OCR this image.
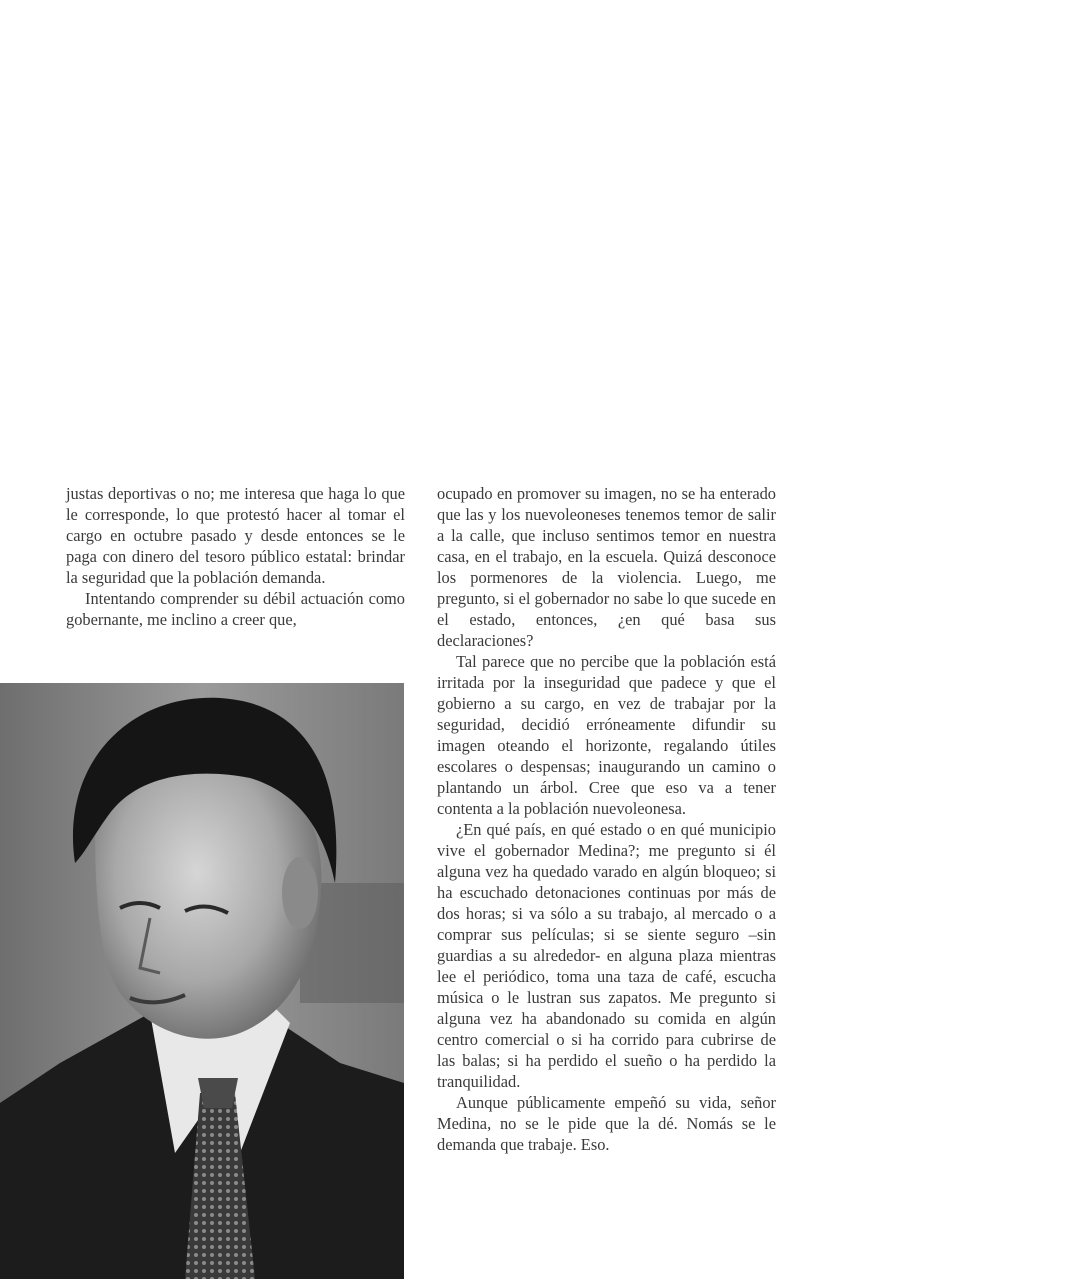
justas deportivas o no; me interesa que haga lo que le corresponde, lo que protestó hacer al tomar el cargo en octubre pasado y desde entonces se le paga con dinero del tesoro público estatal: brindar la seguridad que la población demanda.

Intentando comprender su débil actuación como gobernante, me inclino a creer que,

ocupado en promover su imagen, no se ha enterado que las y los nuevoleoneses tenemos temor de salir a la calle, que incluso sentimos temor en nuestra casa, en el trabajo, en la escuela. Quizá desconoce los pormenores de la violencia. Luego, me pregunto, si el gobernador no sabe lo que sucede en el estado, entonces, ¿en qué basa sus declaraciones?

Tal parece que no percibe que la población está irritada por la inseguridad que padece y que el gobierno a su cargo, en vez de trabajar por la seguridad, decidió erróneamente difundir su imagen oteando el horizonte, regalando útiles escolares o despensas; inaugurando un camino o plantando un árbol. Cree que eso va a tener contenta a la población nuevoleonesa.

¿En qué país, en qué estado o en qué municipio vive el gobernador Medina?; me pregunto si él alguna vez ha quedado varado en algún bloqueo; si ha escuchado detonaciones continuas por más de dos horas; si va sólo a su trabajo, al mercado o a comprar sus películas; si se siente seguro –sin guardias a su alrededor- en alguna plaza mientras lee el periódico, toma una taza de café, escucha música o le lustran sus zapatos. Me pregunto si alguna vez ha abandonado su comida en algún centro comercial o si ha corrido para cubrirse de las balas; si ha perdido el sueño o ha perdido la tranquilidad.

Aunque públicamente empeñó su vida, señor Medina, no se le pide que la dé. Nomás se le demanda que trabaje. Eso.
